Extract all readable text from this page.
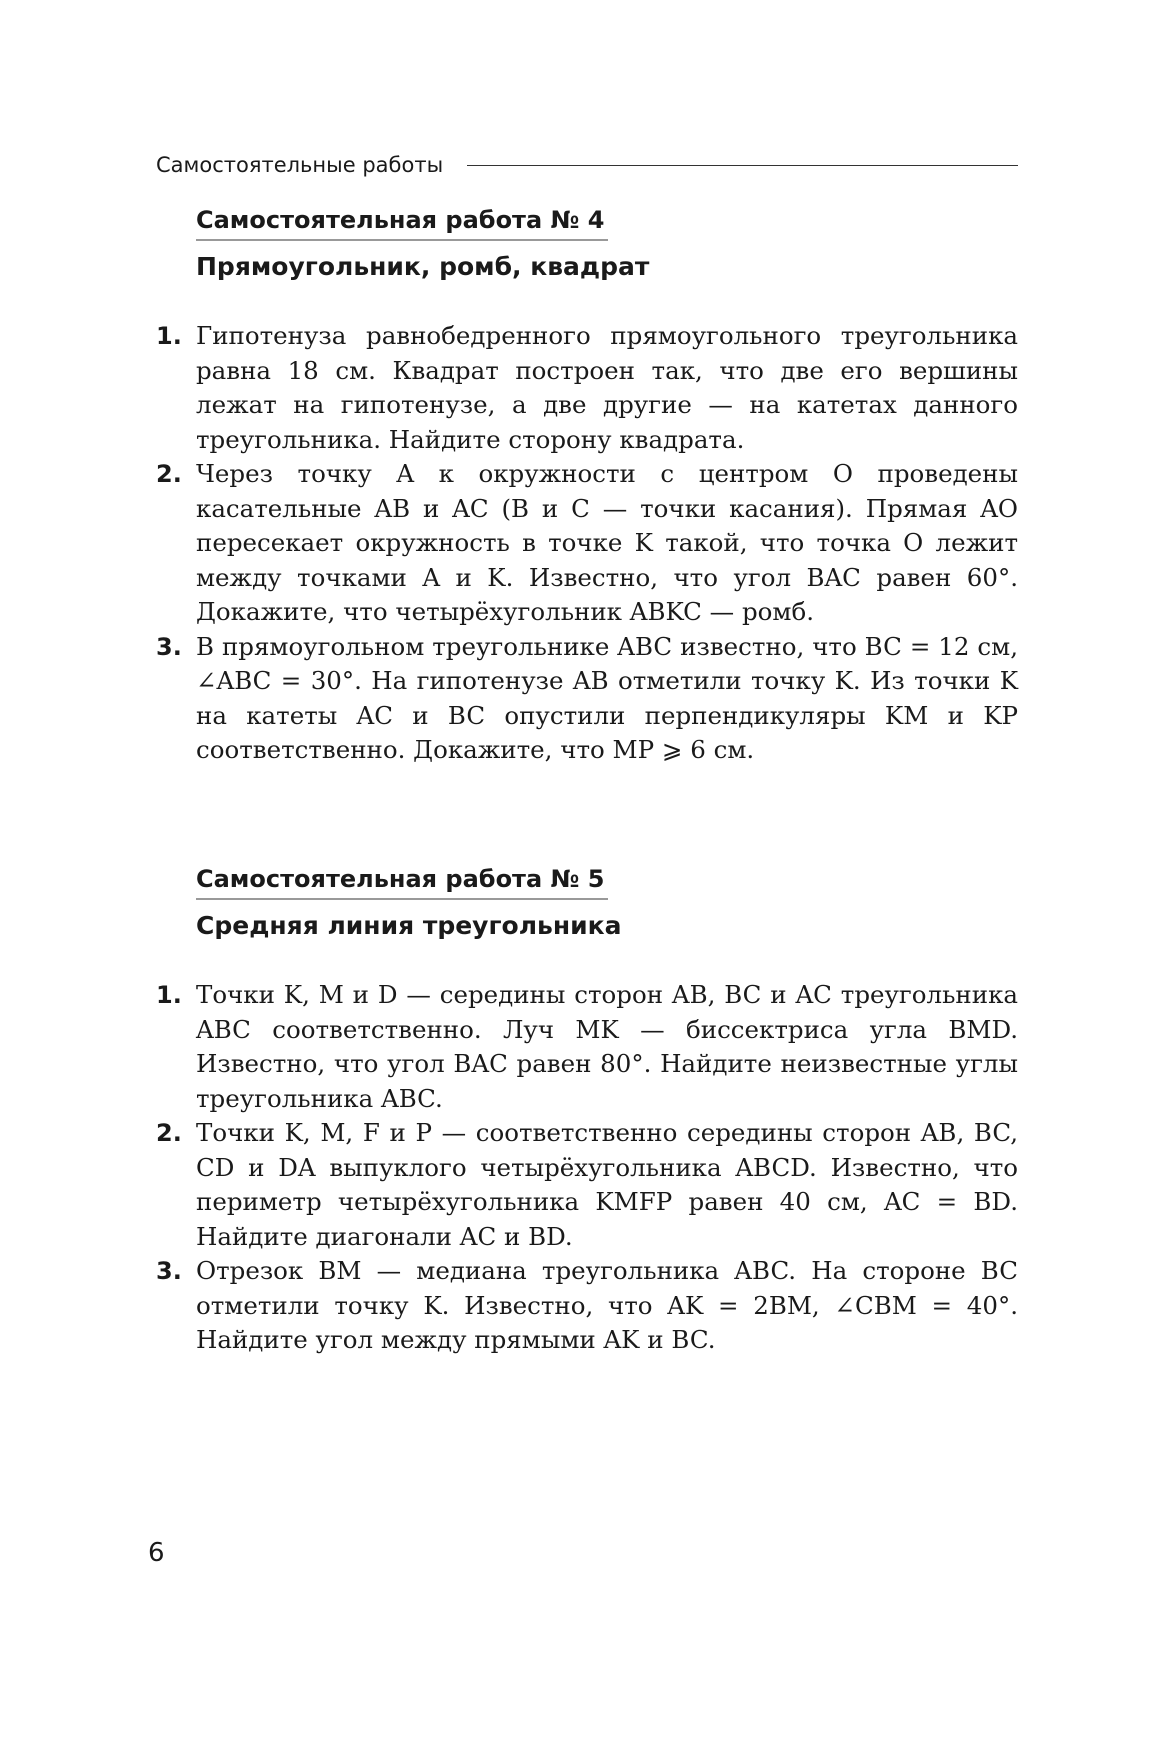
Самостоятельные работы
Самостоятельная работа № 4
Прямоугольник, ромб, квадрат
1. Гипотенуза равнобедренного прямоугольного треугольника равна 18 см. Квадрат построен так, что две его вершины лежат на гипотенузе, а две другие — на катетах данного треугольника. Найдите сторону квадрата.
2. Через точку A к окружности с центром O проведены касательные AB и AC (B и C — точки касания). Прямая AO пересекает окружность в точке K такой, что точка O лежит между точками A и K. Известно, что угол BAC равен 60°. Докажите, что четырёхугольник ABKC — ромб.
3. В прямоугольном треугольнике ABC известно, что BC = 12 см, ∠ABC = 30°. На гипотенузе AB отметили точку K. Из точки K на катеты AC и BC опустили перпендикуляры KM и KP соответственно. Докажите, что MP ⩾ 6 см.
Самостоятельная работа № 5
Средняя линия треугольника
1. Точки K, M и D — середины сторон AB, BC и AC треугольника ABC соответственно. Луч MK — биссектриса угла BMD. Известно, что угол BAC равен 80°. Найдите неизвестные углы треугольника ABC.
2. Точки K, M, F и P — соответственно середины сторон AB, BC, CD и DA выпуклого четырёхугольника ABCD. Известно, что периметр четырёхугольника KMFP равен 40 см, AC = BD. Найдите диагонали AC и BD.
3. Отрезок BM — медиана треугольника ABC. На стороне BC отметили точку K. Известно, что AK = 2BM, ∠CBM = 40°. Найдите угол между прямыми AK и BC.
6
